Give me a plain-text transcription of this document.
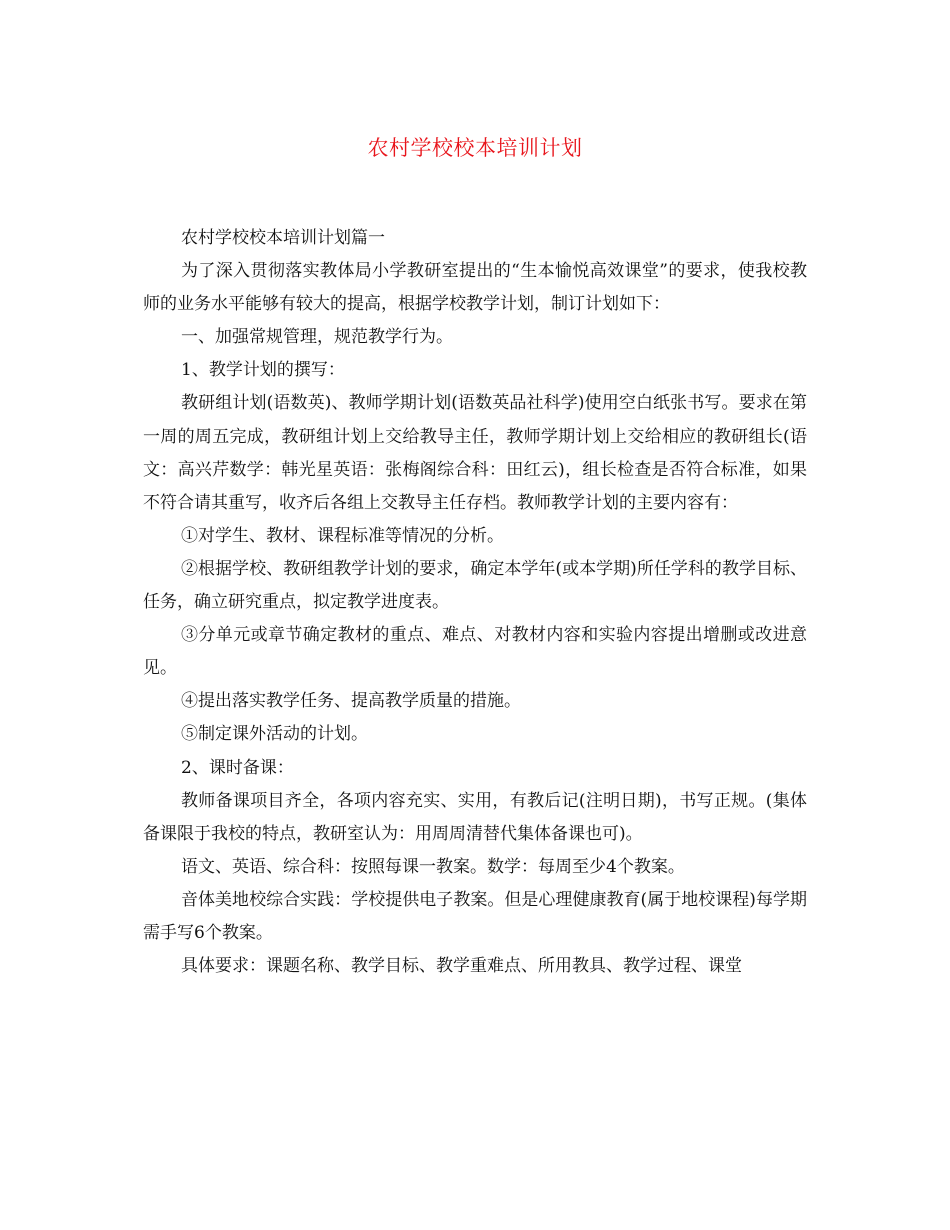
农村学校校本培训计划

农村学校校本培训计划篇一

为了深入贯彻落实教体局小学教研室提出的“生本愉悦高效课堂”的要求，使我校教师的业务水平能够有较大的提高，根据学校教学计划，制订计划如下：

一、加强常规管理，规范教学行为。

1、教学计划的撰写：

教研组计划(语数英)、教师学期计划(语数英品社科学)使用空白纸张书写。要求在第一周的周五完成，教研组计划上交给教导主任，教师学期计划上交给相应的教研组长(语文：高兴芹数学：韩光星英语：张梅阁综合科：田红云)，组长检查是否符合标准，如果不符合请其重写，收齐后各组上交教导主任存档。教师教学计划的主要内容有：

①对学生、教材、课程标准等情况的分析。

②根据学校、教研组教学计划的要求，确定本学年(或本学期)所任学科的教学目标、任务，确立研究重点，拟定教学进度表。

③分单元或章节确定教材的重点、难点、对教材内容和实验内容提出增删或改进意见。

④提出落实教学任务、提高教学质量的措施。

⑤制定课外活动的计划。

2、课时备课：

教师备课项目齐全，各项内容充实、实用，有教后记(注明日期)，书写正规。(集体备课限于我校的特点，教研室认为：用周周清替代集体备课也可)。

语文、英语、综合科：按照每课一教案。数学：每周至少4个教案。

音体美地校综合实践：学校提供电子教案。但是心理健康教育(属于地校课程)每学期需手写6个教案。

具体要求：课题名称、教学目标、教学重难点、所用教具、教学过程、课堂
